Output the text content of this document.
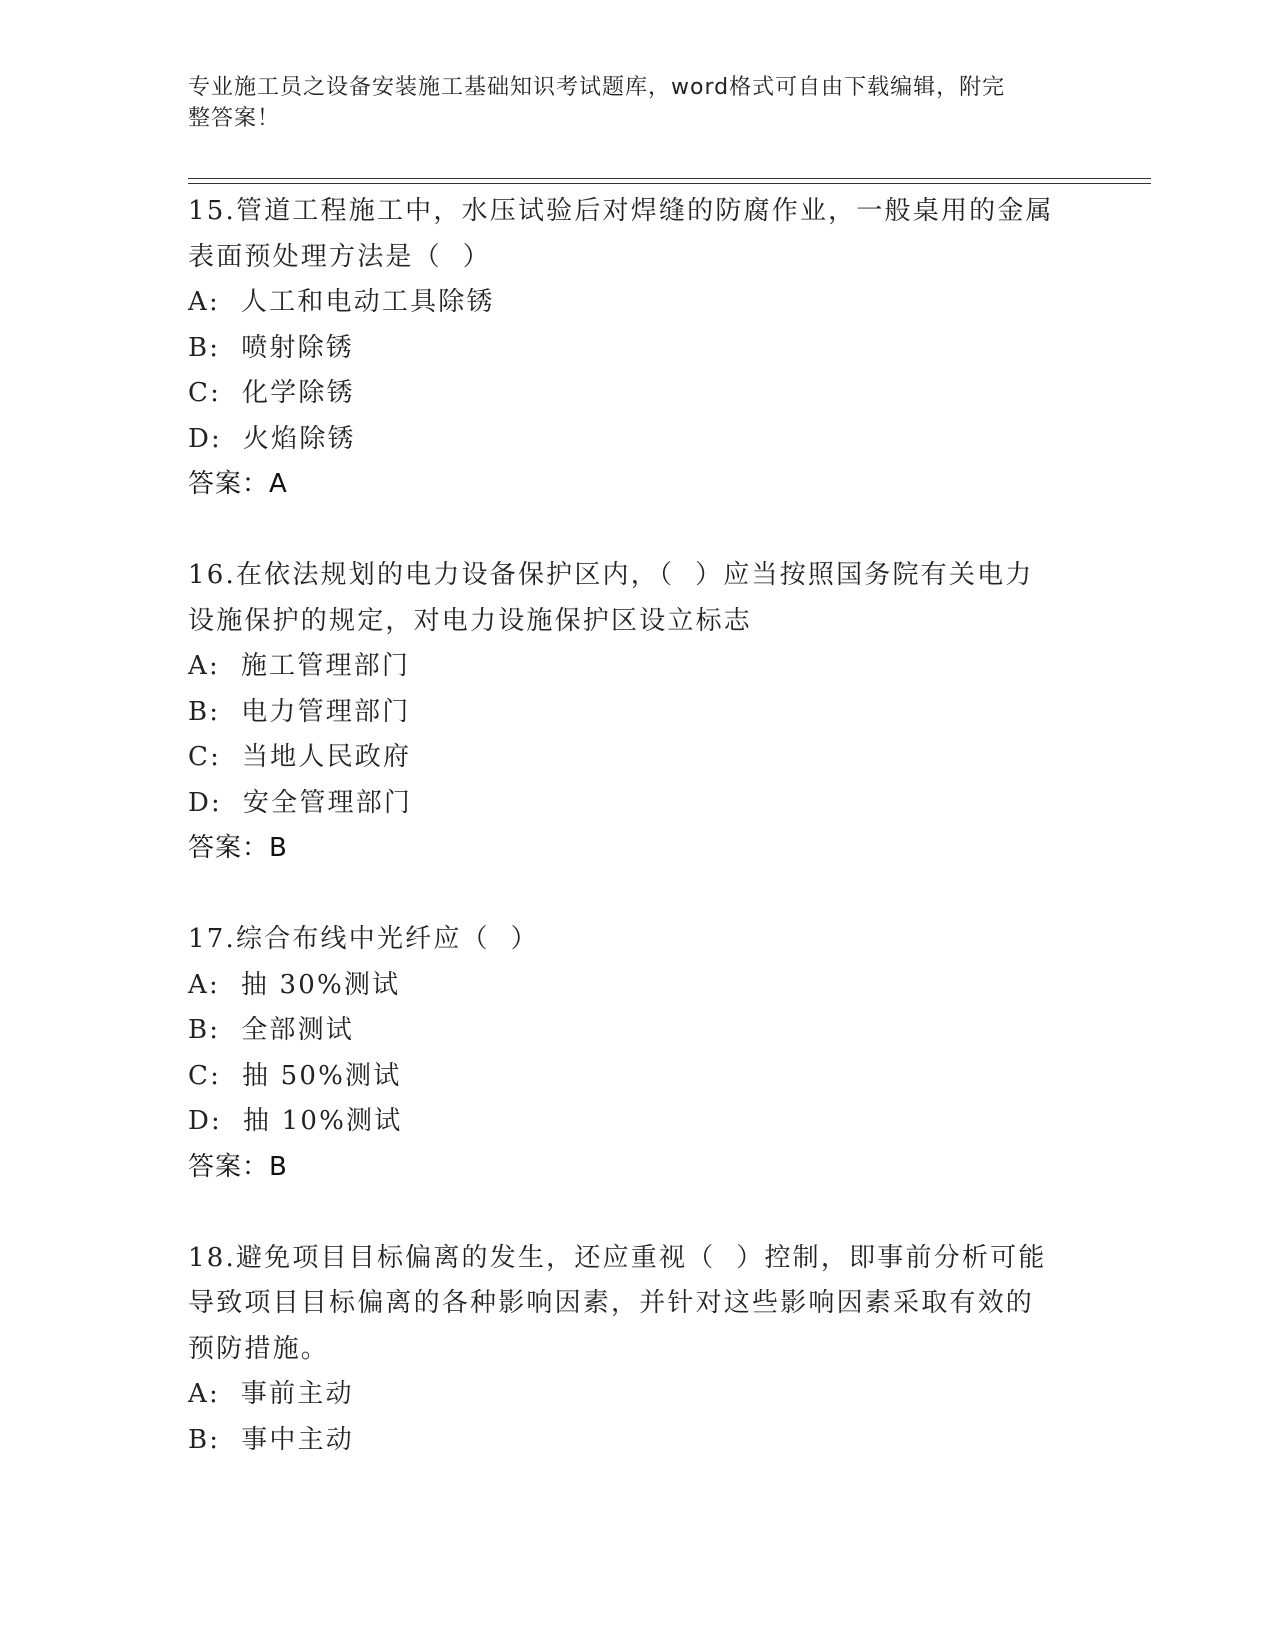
专业施工员之设备安装施工基础知识考试题库，word格式可自由下载编辑，附完
整答案！
15.管道工程施工中，水压试验后对焊缝的防腐作业，一般桌用的金属
表面预处理方法是（  ）
A:  人工和电动工具除锈
B:  喷射除锈
C:  化学除锈
D:  火焰除锈
答案：A
16.在依法规划的电力设备保护区内，（  ）应当按照国务院有关电力
设施保护的规定，对电力设施保护区设立标志
A:  施工管理部门
B:  电力管理部门
C:  当地人民政府
D:  安全管理部门
答案：B
17.综合布线中光纤应（  ）
A:  抽 30%测试
B:  全部测试
C:  抽 50%测试
D:  抽 10%测试
答案：B
18.避免项目目标偏离的发生，还应重视（  ）控制，即事前分析可能
导致项目目标偏离的各种影响因素，并针对这些影响因素采取有效的
预防措施。
A:  事前主动
B:  事中主动
